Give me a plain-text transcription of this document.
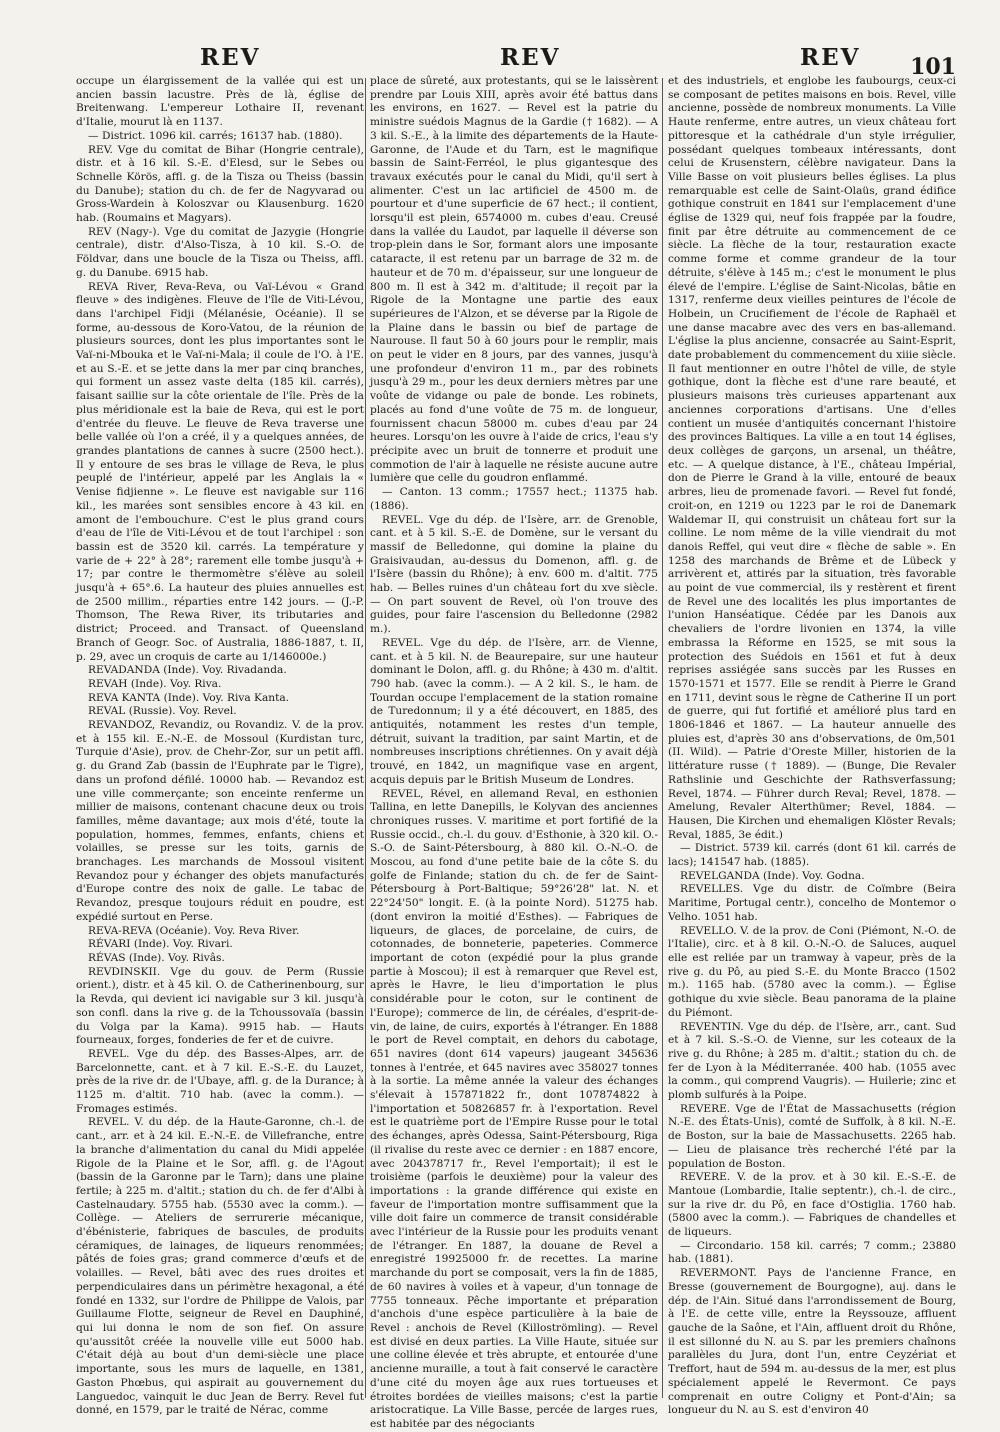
REV	REV	REV 101

occupe un élargissement de la vallée qui est un ancien bassin lacustre. Près de là, église de Breitenwang. L'empereur Lothaire II, revenant d'Italie, mourut là en 1137.

— District. 1096 kil. carrés; 16137 hab. (1880).

REV. Vge du comitat de Bihar (Hongrie centrale), distr. et à 16 kil. S.-E. d'Elesd, sur le Sebes ou Schnelle Körös, affl. g. de la Tisza ou Theiss (bassin du Danube); station du ch. de fer de Nagyvarad ou Gross-Wardein à Koloszvar ou Klausenburg. 1620 hab. (Roumains et Magyars).

REV (Nagy-). Vge du comitat de Jazygie (Hongrie centrale), distr. d'Also-Tisza, à 10 kil. S.-O. de Földvar, dans une boucle de la Tisza ou Theiss, affl. g. du Danube. 6915 hab.

REVA River, Reva-Reva, ou Vaï-Lévou « Grand fleuve » des indigènes. Fleuve de l'île de Viti-Lévou, dans l'archipel Fidji (Mélanésie, Océanie). Il se forme, au-dessous de Koro-Vatou, de la réunion de plusieurs sources, dont les plus importantes sont le Vaï-ni-Mbouka et le Vaï-ni-Mala; il coule de l'O. à l'E. et au S.-E. et se jette dans la mer par cinq branches, qui forment un assez vaste delta (185 kil. carrés), faisant saillie sur la côte orientale de l'île. Près de la plus méridionale est la baie de Reva, qui est le port d'entrée du fleuve. Le fleuve de Reva traverse une belle vallée où l'on a créé, il y a quelques années, de grandes plantations de cannes à sucre (2500 hect.). Il y entoure de ses bras le village de Reva, le plus peuplé de l'intérieur, appelé par les Anglais la « Venise fidjienne ». Le fleuve est navigable sur 116 kil., les marées sont sensibles encore à 43 kil. en amont de l'embouchure. C'est le plus grand cours d'eau de l'île de Viti-Lévou et de tout l'archipel : son bassin est de 3520 kil. carrés. La température y varie de + 22° à 28°; rarement elle tombe jusqu'à + 17; par contre le thermomètre s'élève au soleil jusqu'à + 65°.6. La hauteur des pluies annuelles est de 2500 millim., réparties entre 142 jours. — (J.-P. Thomson, The Rewa River, its tributaries and district; Proceed. and Transact. of Queensland Branch of Geogr. Soc. of Australia, 1886-1887, t. II, p. 29, avec un croquis de carte au 1/146000e.)

REVADANDA (Inde). Voy. Rivadanda.

REVAH (Inde). Voy. Riva.

REVA KANTA (Inde). Voy. Riva Kanta.

REVAL (Russie). Voy. Revel.

REVANDOZ, Revandiz, ou Rovandiz. V. de la prov. et à 155 kil. E.-N.-E. de Mossoul (Kurdistan turc, Turquie d'Asie), prov. de Chehr-Zor, sur un petit affl. g. du Grand Zab (bassin de l'Euphrate par le Tigre), dans un profond défilé. 10000 hab. — Revandoz est une ville commerçante; son enceinte renferme un millier de maisons, contenant chacune deux ou trois familles, même davantage; aux mois d'été, toute la population, hommes, femmes, enfants, chiens et volailles, se presse sur les toits, garnis de branchages. Les marchands de Mossoul visitent Revandoz pour y échanger des objets manufacturés d'Europe contre des noix de galle. Le tabac de Revandoz, presque toujours réduit en poudre, est expédié surtout en Perse.

REVA-REVA (Océanie). Voy. Reva River.

RÉVARI (Inde). Voy. Rivari.

RÉVAS (Inde). Voy. Rivâs.

REVDINSKII. Vge du gouv. de Perm (Russie orient.), distr. et à 45 kil. O. de Catherinenbourg, sur la Revda, qui devient ici navigable sur 3 kil. jusqu'à son confl. dans la rive g. de la Tchoussovaïa (bassin du Volga par la Kama). 9915 hab. — Hauts fourneaux, forges, fonderies de fer et de cuivre.

REVEL. Vge du dép. des Basses-Alpes, arr. de Barcelonnette, cant. et à 7 kil. E.-S.-E. du Lauzet, près de la rive dr. de l'Ubaye, affl. g. de la Durance; à 1125 m. d'altit. 710 hab. (avec la comm.). — Fromages estimés.

REVEL. V. du dép. de la Haute-Garonne, ch.-l. de cant., arr. et à 24 kil. E.-N.-E. de Villefranche, entre la branche d'alimentation du canal du Midi appelée Rigole de la Plaine et le Sor, affl. g. de l'Agout (bassin de la Garonne par le Tarn); dans une plaine fertile; à 225 m. d'altit.; station du ch. de fer d'Albi à Castelnaudary. 5755 hab. (5530 avec la comm.). — Collège. — Ateliers de serrurerie mécanique, d'ébénisterie, fabriques de bascules, de produits céramiques, de lainages, de liqueurs renommées; pâtés de foies gras; grand commerce d'œufs et de volailles. — Revel, bâti avec des rues droites et perpendiculaires dans un périmètre hexagonal, a été fondé en 1332, sur l'ordre de Philippe de Valois, par Guillaume Flotte, seigneur de Revel en Dauphiné, qui lui donna le nom de son fief. On assure qu'aussitôt créée la nouvelle ville eut 5000 hab. C'était déjà au bout d'un demi-siècle une place importante, sous les murs de laquelle, en 1381, Gaston Phœbus, qui aspirait au gouvernement du Languedoc, vainquit le duc Jean de Berry. Revel fut donné, en 1579, par le traité de Nérac, comme

place de sûreté, aux protestants, qui se le laissèrent prendre par Louis XIII, après avoir été battus dans les environs, en 1627. — Revel est la patrie du ministre suédois Magnus de la Gardie († 1682). — A 3 kil. S.-E., à la limite des départements de la Haute-Garonne, de l'Aude et du Tarn, est le magnifique bassin de Saint-Ferréol, le plus gigantesque des travaux exécutés pour le canal du Midi, qu'il sert à alimenter. C'est un lac artificiel de 4500 m. de pourtour et d'une superficie de 67 hect.; il contient, lorsqu'il est plein, 6574000 m. cubes d'eau. Creusé dans la vallée du Laudot, par laquelle il déverse son trop-plein dans le Sor, formant alors une imposante cataracte, il est retenu par un barrage de 32 m. de hauteur et de 70 m. d'épaisseur, sur une longueur de 800 m. Il est à 342 m. d'altitude; il reçoit par la Rigole de la Montagne une partie des eaux supérieures de l'Alzon, et se déverse par la Rigole de la Plaine dans le bassin ou bief de partage de Naurouse. Il faut 50 à 60 jours pour le remplir, mais on peut le vider en 8 jours, par des vannes, jusqu'à une profondeur d'environ 11 m., par des robinets jusqu'à 29 m., pour les deux derniers mètres par une voûte de vidange ou pale de bonde. Les robinets, placés au fond d'une voûte de 75 m. de longueur, fournissent chacun 58000 m. cubes d'eau par 24 heures. Lorsqu'on les ouvre à l'aide de crics, l'eau s'y précipite avec un bruit de tonnerre et produit une commotion de l'air à laquelle ne résiste aucune autre lumière que celle du goudron enflammé.

— Canton. 13 comm.; 17557 hect.; 11375 hab. (1886).

REVEL. Vge du dép. de l'Isère, arr. de Grenoble, cant. et à 5 kil. S.-E. de Domène, sur le versant du massif de Belledonne, qui domine la plaine du Graisivaudan, au-dessus du Domenon, affl. g. de l'Isère (bassin du Rhône); à env. 600 m. d'altit. 775 hab. — Belles ruines d'un château fort du xve siècle. — On part souvent de Revel, où l'on trouve des guides, pour faire l'ascension du Belledonne (2982 m.).

REVEL. Vge du dép. de l'Isère, arr. de Vienne, cant. et à 5 kil. N. de Beaurepaire, sur une hauteur dominant le Dolon, affl. g. du Rhône; à 430 m. d'altit. 790 hab. (avec la comm.). — A 2 kil. S., le ham. de Tourdan occupe l'emplacement de la station romaine de Turedonnum; il y a été découvert, en 1885, des antiquités, notamment les restes d'un temple, détruit, suivant la tradition, par saint Martin, et de nombreuses inscriptions chrétiennes. On y avait déjà trouvé, en 1842, un magnifique vase en argent, acquis depuis par le British Museum de Londres.

REVEL, Rével, en allemand Reval, en esthonien Tallina, en lette Danepills, le Kolyvan des anciennes chroniques russes. V. maritime et port fortifié de la Russie occid., ch.-l. du gouv. d'Esthonie, à 320 kil. O.-S.-O. de Saint-Pétersbourg, à 880 kil. O.-N.-O. de Moscou, au fond d'une petite baie de la côte S. du golfe de Finlande; station du ch. de fer de Saint-Pétersbourg à Port-Baltique; 59°26'28" lat. N. et 22°24'50" longit. E. (à la pointe Nord). 51275 hab. (dont environ la moitié d'Esthes). — Fabriques de liqueurs, de glaces, de porcelaine, de cuirs, de cotonnades, de bonneterie, papeteries. Commerce important de coton (expédié pour la plus grande partie à Moscou); il est à remarquer que Revel est, après le Havre, le lieu d'importation le plus considérable pour le coton, sur le continent de l'Europe); commerce de lin, de céréales, d'esprit-de-vin, de laine, de cuirs, exportés à l'étranger. En 1888 le port de Revel comptait, en dehors du cabotage, 651 navires (dont 614 vapeurs) jaugeant 345636 tonnes à l'entrée, et 645 navires avec 358027 tonnes à la sortie. La même année la valeur des échanges s'élevait à 157871822 fr., dont 107874822 à l'importation et 50826857 fr. à l'exportation. Revel est le quatrième port de l'Empire Russe pour le total des échanges, après Odessa, Saint-Pétersbourg, Riga (il rivalise du reste avec ce dernier : en 1887 encore, avec 204378717 fr., Revel l'emportait); il est le troisième (parfois le deuxième) pour la valeur des importations : la grande différence qui existe en faveur de l'importation montre suffisamment que la ville doit faire un commerce de transit considérable avec l'intérieur de la Russie pour les produits venant de l'étranger. En 1887, la douane de Revel a enregistré 19925000 fr. de recettes. La marine marchande du port se composait, vers la fin de 1885, de 60 navires à voiles et à vapeur, d'un tonnage de 7755 tonneaux. Pêche importante et préparation d'anchois d'une espèce particulière à la baie de Revel : anchois de Revel (Killoströmling). — Revel est divisé en deux parties. La Ville Haute, située sur une colline élevée et très abrupte, et entourée d'une ancienne muraille, a tout à fait conservé le caractère d'une cité du moyen âge aux rues tortueuses et étroites bordées de vieilles maisons; c'est la partie aristocratique. La Ville Basse, percée de larges rues, est habitée par des négociants

et des industriels, et englobe les faubourgs, ceux-ci se composant de petites maisons en bois. Revel, ville ancienne, possède de nombreux monuments. La Ville Haute renferme, entre autres, un vieux château fort pittoresque et la cathédrale d'un style irrégulier, possédant quelques tombeaux intéressants, dont celui de Krusenstern, célèbre navigateur. Dans la Ville Basse on voit plusieurs belles églises. La plus remarquable est celle de Saint-Olaüs, grand édifice gothique construit en 1841 sur l'emplacement d'une église de 1329 qui, neuf fois frappée par la foudre, finit par être détruite au commencement de ce siècle. La flèche de la tour, restauration exacte comme forme et comme grandeur de la tour détruite, s'élève à 145 m.; c'est le monument le plus élevé de l'empire. L'église de Saint-Nicolas, bâtie en 1317, renferme deux vieilles peintures de l'école de Holbein, un Crucifiement de l'école de Raphaël et une danse macabre avec des vers en bas-allemand. L'église la plus ancienne, consacrée au Saint-Esprit, date probablement du commencement du xiiie siècle. Il faut mentionner en outre l'hôtel de ville, de style gothique, dont la flèche est d'une rare beauté, et plusieurs maisons très curieuses appartenant aux anciennes corporations d'artisans. Une d'elles contient un musée d'antiquités concernant l'histoire des provinces Baltiques. La ville a en tout 14 églises, deux collèges de garçons, un arsenal, un théâtre, etc. — A quelque distance, à l'E., château Impérial, don de Pierre le Grand à la ville, entouré de beaux arbres, lieu de promenade favori. — Revel fut fondé, croit-on, en 1219 ou 1223 par le roi de Danemark Waldemar II, qui construisit un château fort sur la colline. Le nom même de la ville viendrait du mot danois Reffel, qui veut dire « flèche de sable ». En 1258 des marchands de Brême et de Lübeck y arrivèrent et, attirés par la situation, très favorable au point de vue commercial, ils y restèrent et firent de Revel une des localités les plus importantes de l'union Hanséatique. Cédée par les Danois aux chevaliers de l'ordre livonien en 1374, la ville embrassa la Réforme en 1525, se mit sous la protection des Suédois en 1561 et fut à deux reprises assiégée sans succès par les Russes en 1570-1571 et 1577. Elle se rendit à Pierre le Grand en 1711, devint sous le règne de Catherine II un port de guerre, qui fut fortifié et amélioré plus tard en 1806-1846 et 1867. — La hauteur annuelle des pluies est, d'après 30 ans d'observations, de 0m,501 (II. Wild). — Patrie d'Oreste Miller, historien de la littérature russe († 1889). — (Bunge, Die Revaler Rathslinie und Geschichte der Rathsverfassung; Revel, 1874. — Führer durch Reval; Revel, 1878. — Amelung, Revaler Alterthümer; Revel, 1884. — Hausen, Die Kirchen und ehemaligen Klöster Revals; Reval, 1885, 3e édit.)

— District. 5739 kil. carrés (dont 61 kil. carrés de lacs); 141547 hab. (1885).

REVELGANDA (Inde). Voy. Godna.

REVELLES. Vge du distr. de Coïmbre (Beira Maritime, Portugal centr.), concelho de Montemor o Velho. 1051 hab.

REVELLO. V. de la prov. de Coni (Piémont, N.-O. de l'Italie), circ. et à 8 kil. O.-N.-O. de Saluces, auquel elle est reliée par un tramway à vapeur, près de la rive g. du Pô, au pied S.-E. du Monte Bracco (1502 m.). 1165 hab. (5780 avec la comm.). — Église gothique du xvie siècle. Beau panorama de la plaine du Piémont.

REVENTIN. Vge du dép. de l'Isère, arr., cant. Sud et à 7 kil. S.-S.-O. de Vienne, sur les coteaux de la rive g. du Rhône; à 285 m. d'altit.; station du ch. de fer de Lyon à la Méditerranée. 400 hab. (1055 avec la comm., qui comprend Vaugris). — Huilerie; zinc et plomb sulfurés à la Poipe.

REVERE. Vge de l'État de Massachusetts (région N.-E. des États-Unis), comté de Suffolk, à 8 kil. N.-E. de Boston, sur la baie de Massachusetts. 2265 hab. — Lieu de plaisance très recherché l'été par la population de Boston.

REVERE. V. de la prov. et à 30 kil. E.-S.-E. de Mantoue (Lombardie, Italie septentr.), ch.-l. de circ., sur la rive dr. du Pô, en face d'Ostiglia. 1760 hab. (5800 avec la comm.). — Fabriques de chandelles et de liqueurs.

— Circondario. 158 kil. carrés; 7 comm.; 23880 hab. (1881).

REVERMONT. Pays de l'ancienne France, en Bresse (gouvernement de Bourgogne), auj. dans le dép. de l'Ain. Situé dans l'arrondissement de Bourg, à l'E. de cette ville, entre la Reyssouze, affluent gauche de la Saône, et l'Ain, affluent droit du Rhône, il est sillonné du N. au S. par les premiers chaînons parallèles du Jura, dont l'un, entre Ceyzériat et Treffort, haut de 594 m. au-dessus de la mer, est plus spécialement appelé le Revermont. Ce pays comprenait en outre Coligny et Pont-d'Ain; sa longueur du N. au S. est d'environ 40
